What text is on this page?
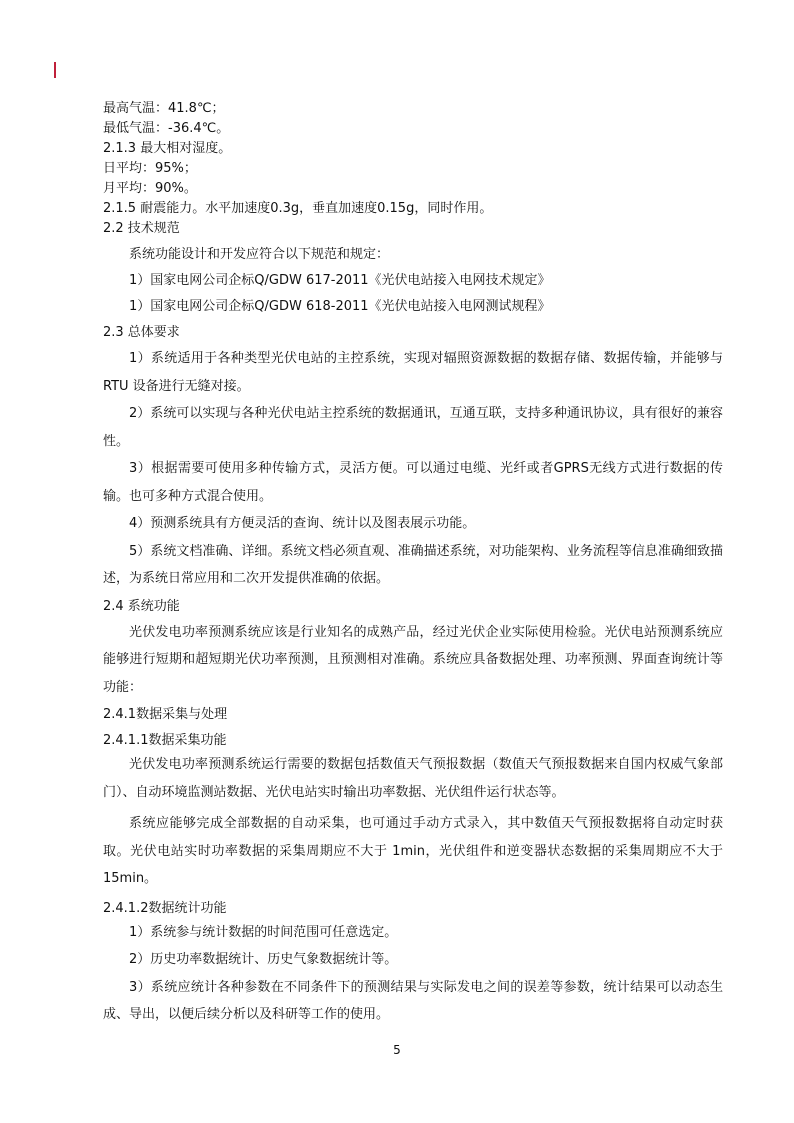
最高气温：41.8℃；
最低气温：-36.4℃。
2.1.3 最大相对湿度。
日平均：95%；
月平均：90%。
2.1.5 耐震能力。水平加速度0.3g，垂直加速度0.15g，同时作用。
2.2 技术规范
系统功能设计和开发应符合以下规范和规定：
1）国家电网公司企标Q/GDW 617-2011《光伏电站接入电网技术规定》
1）国家电网公司企标Q/GDW 618-2011《光伏电站接入电网测试规程》
2.3 总体要求

1）系统适用于各种类型光伏电站的主控系统，实现对辐照资源数据的数据存储、数据传输，并能够与RTU 设备进行无缝对接。

2）系统可以实现与各种光伏电站主控系统的数据通讯，互通互联，支持多种通讯协议，具有很好的兼容性。

3）根据需要可使用多种传输方式，灵活方便。可以通过电缆、光纤或者GPRS无线方式进行数据的传输。也可多种方式混合使用。

4）预测系统具有方便灵活的查询、统计以及图表展示功能。

5）系统文档准确、详细。系统文档必须直观、准确描述系统，对功能架构、业务流程等信息准确细致描述，为系统日常应用和二次开发提供准确的依据。

2.4 系统功能

光伏发电功率预测系统应该是行业知名的成熟产品，经过光伏企业实际使用检验。光伏电站预测系统应能够进行短期和超短期光伏功率预测，且预测相对准确。系统应具备数据处理、功率预测、界面查询统计等功能：

2.4.1数据采集与处理
2.4.1.1数据采集功能

光伏发电功率预测系统运行需要的数据包括数值天气预报数据（数值天气预报数据来自国内权威气象部门）、自动环境监测站数据、光伏电站实时输出功率数据、光伏组件运行状态等。

系统应能够完成全部数据的自动采集，也可通过手动方式录入，其中数值天气预报数据将自动定时获取。光伏电站实时功率数据的采集周期应不大于 1min，光伏组件和逆变器状态数据的采集周期应不大于15min。

2.4.1.2数据统计功能

1）系统参与统计数据的时间范围可任意选定。

2）历史功率数据统计、历史气象数据统计等。

3）系统应统计各种参数在不同条件下的预测结果与实际发电之间的误差等参数，统计结果可以动态生成、导出，以便后续分析以及科研等工作的使用。

5
